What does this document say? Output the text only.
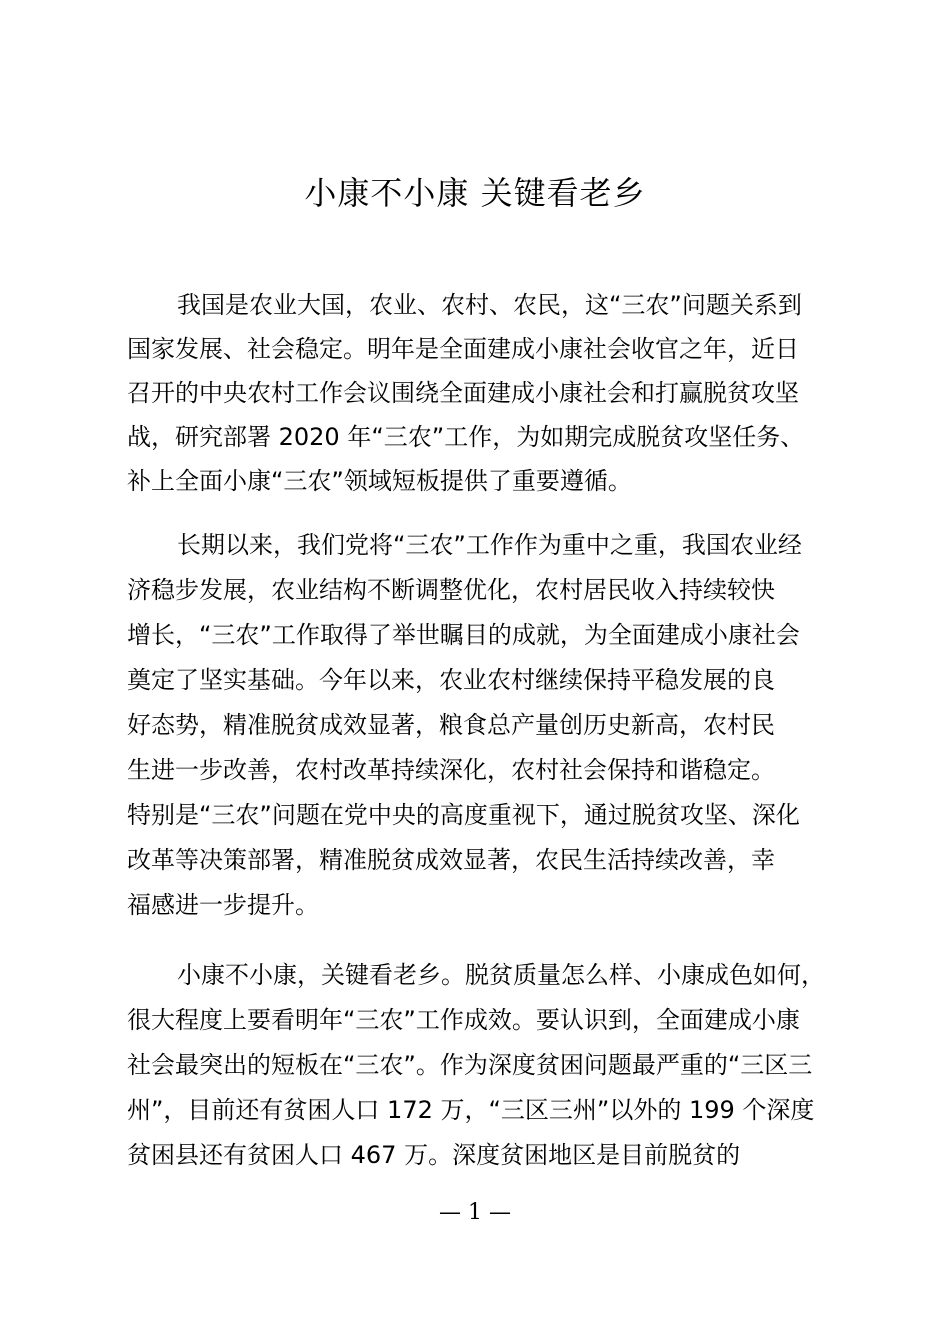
小康不小康 关键看老乡
我国是农业大国，农业、农村、农民，这“三农”问题关系到
国家发展、社会稳定。明年是全面建成小康社会收官之年，近日
召开的中央农村工作会议围绕全面建成小康社会和打赢脱贫攻坚
战，研究部署 2020 年“三农”工作，为如期完成脱贫攻坚任务、
补上全面小康“三农”领域短板提供了重要遵循。
长期以来，我们党将“三农”工作作为重中之重，我国农业经
济稳步发展，农业结构不断调整优化，农村居民收入持续较快
增长，“三农”工作取得了举世瞩目的成就，为全面建成小康社会
奠定了坚实基础。今年以来，农业农村继续保持平稳发展的良
好态势，精准脱贫成效显著，粮食总产量创历史新高，农村民
生进一步改善，农村改革持续深化，农村社会保持和谐稳定。
特别是“三农”问题在党中央的高度重视下，通过脱贫攻坚、深化
改革等决策部署，精准脱贫成效显著，农民生活持续改善，幸
福感进一步提升。
小康不小康，关键看老乡。脱贫质量怎么样、小康成色如何，
很大程度上要看明年“三农”工作成效。要认识到，全面建成小康
社会最突出的短板在“三农”。作为深度贫困问题最严重的“三区三
州”，目前还有贫困人口 172 万，“三区三州”以外的 199 个深度
贫困县还有贫困人口 467 万。深度贫困地区是目前脱贫的
— 1 —
